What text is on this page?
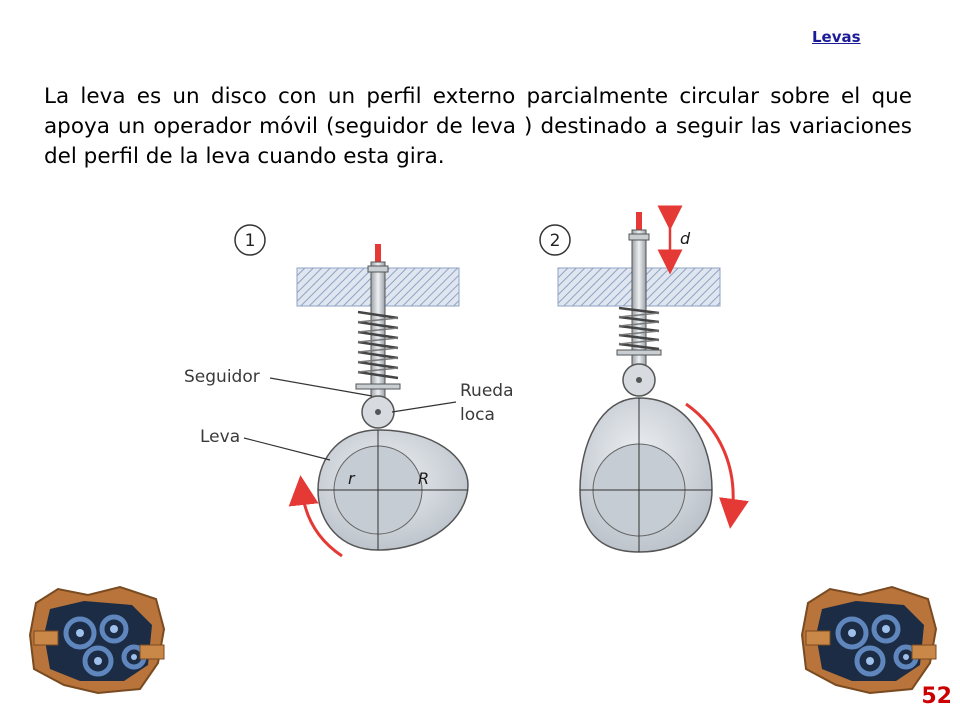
Levas

La leva es un disco con un perfil externo parcialmente circular sobre el que apoya un operador móvil (seguidor de leva ) destinado a seguir las variaciones del perfil de la leva cuando esta gira.

1
r	R
Seguidor
Rueda
loca
Leva
2	d
52
